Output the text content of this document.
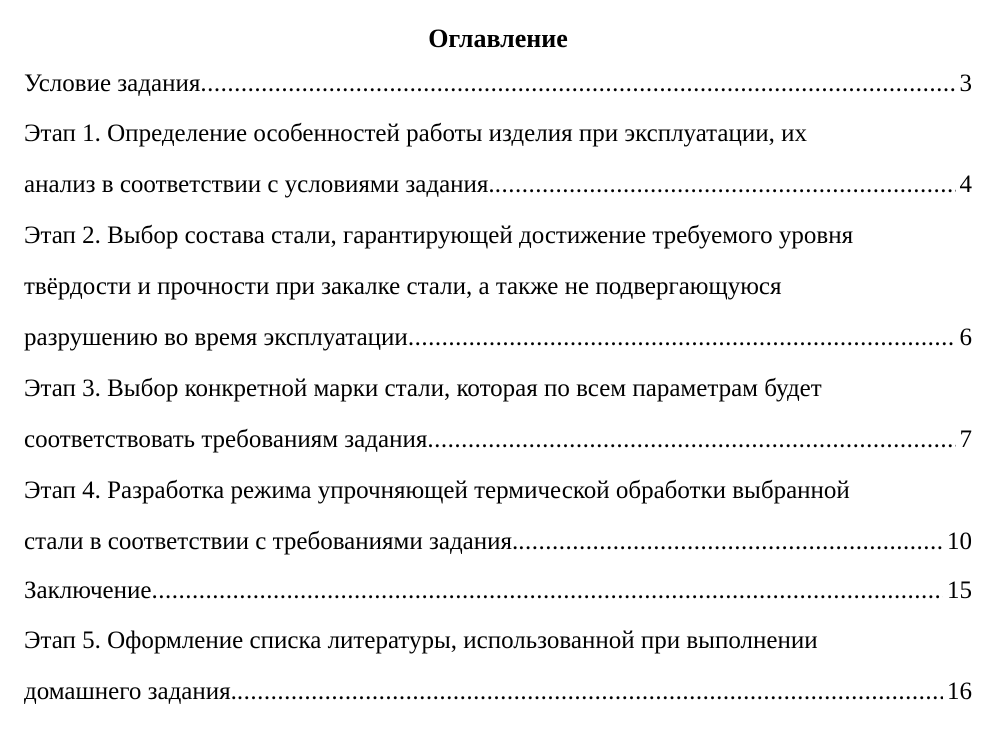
Оглавление
Условие задания .....	3
Этап 1. Определение особенностей работы изделия при эксплуатации, их
анализ в соответствии с условиями задания. .....	4
Этап 2. Выбор состава стали, гарантирующей достижение требуемого уровня
твёрдости и прочности при закалке стали, а также не подвергающуюся
разрушению во время эксплуатации .....	6
Этап 3. Выбор конкретной марки стали, которая по всем параметрам будет
соответствовать требованиям задания .....	7
Этап 4. Разработка режима упрочняющей термической обработки выбранной
стали в соответствии с требованиями задания. .....	10
Заключение .....	15
Этап 5. Оформление списка литературы, использованной при выполнении
домашнего задания. .....	16
